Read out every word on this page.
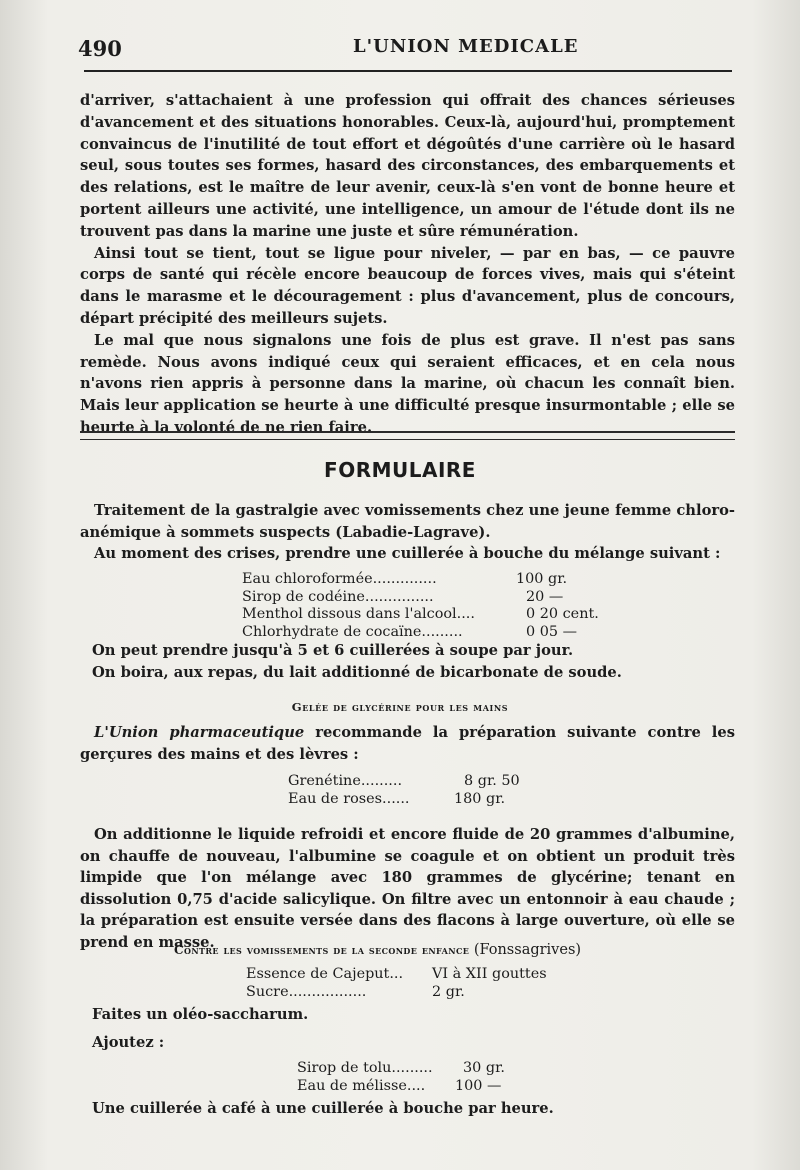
490	L'UNION MEDICALE

d'arriver, s'attachaient à une profession qui offrait des chances sérieuses d'avancement et des situations honorables. Ceux-là, aujourd'hui, promptement convaincus de l'inutilité de tout effort et dégoûtés d'une carrière où le hasard seul, sous toutes ses formes, hasard des circonstances, des embarquements et des relations, est le maître de leur avenir, ceux-là s'en vont de bonne heure et portent ailleurs une activité, une intelligence, un amour de l'étude dont ils ne trouvent pas dans la marine une juste et sûre rémunération.

Ainsi tout se tient, tout se ligue pour niveler, — par en bas, — ce pauvre corps de santé qui récèle encore beaucoup de forces vives, mais qui s'éteint dans le marasme et le découragement : plus d'avancement, plus de concours, départ précipité des meilleurs sujets.

Le mal que nous signalons une fois de plus est grave. Il n'est pas sans remède. Nous avons indiqué ceux qui seraient efficaces, et en cela nous n'avons rien appris à personne dans la marine, où chacun les connaît bien. Mais leur application se heurte à une difficulté presque insurmontable ; elle se heurte à la volonté de ne rien faire.

FORMULAIRE

Traitement de la gastralgie avec vomissements chez une jeune femme chloro-anémique à sommets suspects (Labadie-Lagrave).

Au moment des crises, prendre une cuillerée à bouche du mélange suivant :

Eau chloroformée..............	100 gr.
Sirop de codéine...............	20 —
Menthol dissous dans l'alcool....	0 20 cent.
Chlorhydrate de cocaïne.........	0 05 —
On peut prendre jusqu'à 5 et 6 cuillerées à soupe par jour.
On boira, aux repas, du lait additionné de bicarbonate de soude.
Gelée de glycérine pour les mains

L'Union pharmaceutique recommande la préparation suivante contre les gerçures des mains et des lèvres :

Grenétine.........	8 gr. 50
Eau de roses......	180 gr.

On additionne le liquide refroidi et encore fluide de 20 grammes d'albumine, on chauffe de nouveau, l'albumine se coagule et on obtient un produit très limpide que l'on mélange avec 180 grammes de glycérine; tenant en dissolution 0,75 d'acide salicylique. On filtre avec un entonnoir à eau chaude ; la préparation est ensuite versée dans des flacons à large ouverture, où elle se prend en masse.

Contre les vomissements de la seconde enfance (Fonssagrives)
Essence de Cajeput...	VI à XII gouttes
Sucre.................	2 gr.
Faites un oléo-saccharum.
Ajoutez :
Sirop de tolu.........	30 gr.
Eau de mélisse....	100 —
Une cuillerée à café à une cuillerée à bouche par heure.
